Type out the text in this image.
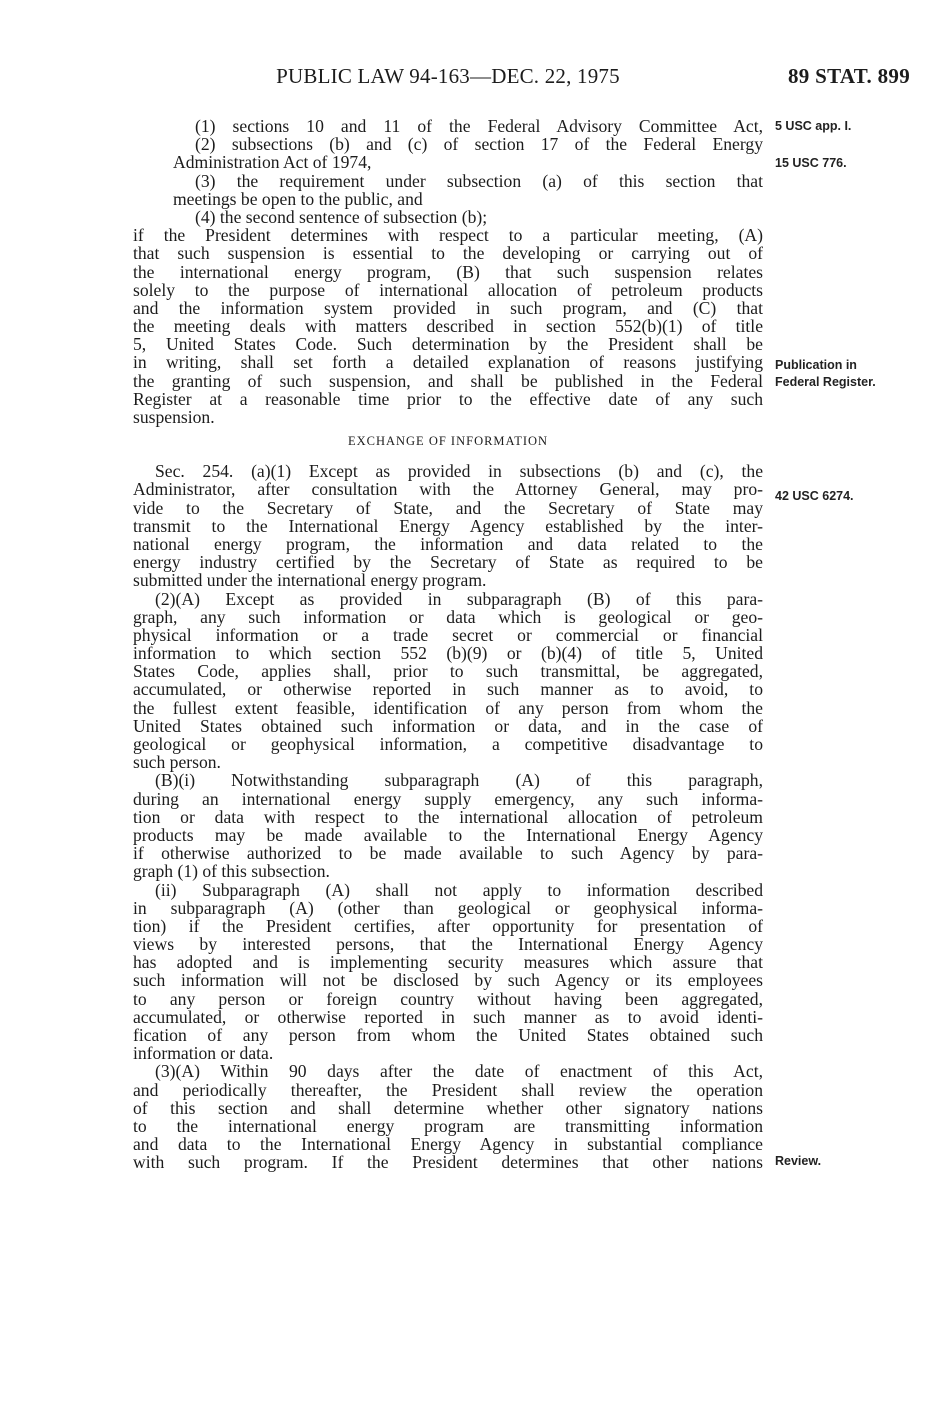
PUBLIC LAW 94-163—DEC. 22, 1975	89 STAT. 899
(1) sections 10 and 11 of the Federal Advisory Committee Act,
(2) subsections (b) and (c) of section 17 of the Federal Energy
Administration Act of 1974,
(3) the requirement under subsection (a) of this section that
meetings be open to the public, and
(4) the second sentence of subsection (b);
if the President determines with respect to a particular meeting, (A)
that such suspension is essential to the developing or carrying out of
the international energy program, (B) that such suspension relates
solely to the purpose of international allocation of petroleum products
and the information system provided in such program, and (C) that
the meeting deals with matters described in section 552(b)(1) of title
5, United States Code. Such determination by the President shall be
in writing, shall set forth a detailed explanation of reasons justifying
the granting of such suspension, and shall be published in the Federal
Register at a reasonable time prior to the effective date of any such
suspension.
EXCHANGE OF INFORMATION
Sec. 254. (a)(1) Except as provided in subsections (b) and (c), the
Administrator, after consultation with the Attorney General, may pro-
vide to the Secretary of State, and the Secretary of State may
transmit to the International Energy Agency established by the inter-
national energy program, the information and data related to the
energy industry certified by the Secretary of State as required to be
submitted under the international energy program.
(2)(A) Except as provided in subparagraph (B) of this para-
graph, any such information or data which is geological or geo-
physical information or a trade secret or commercial or financial
information to which section 552 (b)(9) or (b)(4) of title 5, United
States Code, applies shall, prior to such transmittal, be aggregated,
accumulated, or otherwise reported in such manner as to avoid, to
the fullest extent feasible, identification of any person from whom the
United States obtained such information or data, and in the case of
geological or geophysical information, a competitive disadvantage to
such person.
(B)(i) Notwithstanding subparagraph (A) of this paragraph,
during an international energy supply emergency, any such informa-
tion or data with respect to the international allocation of petroleum
products may be made available to the International Energy Agency
if otherwise authorized to be made available to such Agency by para-
graph (1) of this subsection.
(ii) Subparagraph (A) shall not apply to information described
in subparagraph (A) (other than geological or geophysical informa-
tion) if the President certifies, after opportunity for presentation of
views by interested persons, that the International Energy Agency
has adopted and is implementing security measures which assure that
such information will not be disclosed by such Agency or its employees
to any person or foreign country without having been aggregated,
accumulated, or otherwise reported in such manner as to avoid identi-
fication of any person from whom the United States obtained such
information or data.
(3)(A) Within 90 days after the date of enactment of this Act,
and periodically thereafter, the President shall review the operation
of this section and shall determine whether other signatory nations
to the international energy program are transmitting information
and data to the International Energy Agency in substantial compliance
with such program. If the President determines that other nations
5 USC app. I.
15 USC 776.
Publication in
Federal Register.
42 USC 6274.
Review.
